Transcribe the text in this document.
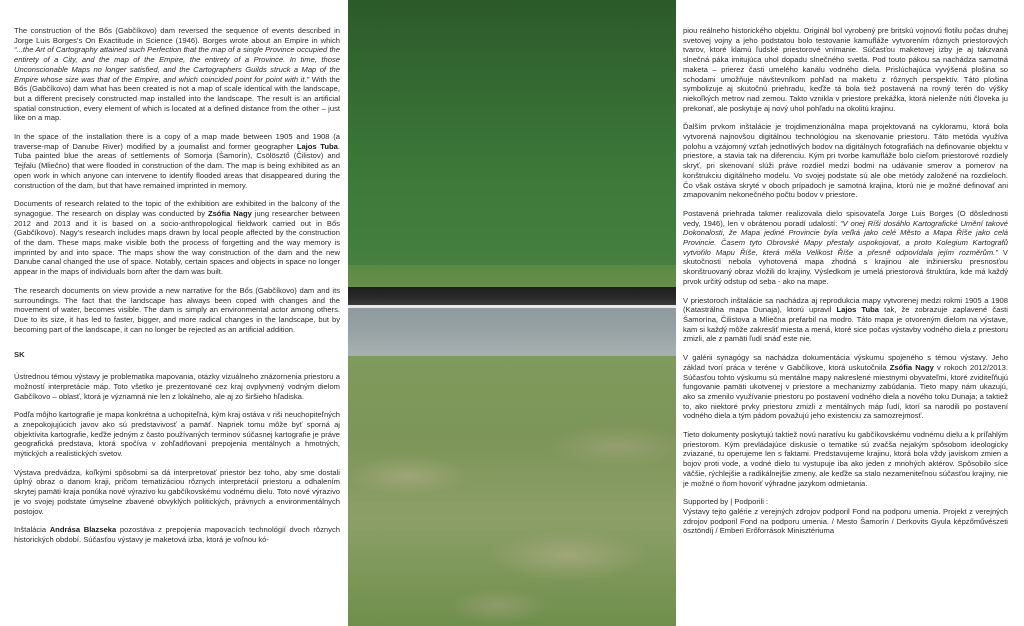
The construction of the Bős (Gabčíkovo) dam reversed the sequence of events described in Jorge Luis Borges’s On Exactitude in Science (1946). Borges wrote about an Empire in which “...the Art of Cartography attained such Perfection that the map of a single Province occupied the entirety of a City, and the map of the Empire, the entirety of a Province. In time, those Unconscionable Maps no longer satisfied, and the Cartographers Guilds struck a Map of the Empire whose size was that of the Empire, and which coincided point for point with it.” With the Bős (Gabčíkovo) dam what has been created is not a map of scale identical with the landscape, but a different precisely constructed map installed into the landscape. The result is an artificial spatial construction, every element of which is located at a defined distance from the other – just like on a map.

In the space of the installation there is a copy of a map made between 1905 and 1908 (a traverse-map of Danube River) modified by a journalist and former geographer Lajos Tuba. Tuba painted blue the areas of settlements of Somorja (Šamorín), Csölösztő (Čilistov) and Tejfalu (Mliečno) that were flooded in construction of the dam. The map is being exhibited as an open work in which anyone can intervene to identify flooded areas that disappeared during the construction of the dam, but that have remained imprinted in memory.

Documents of research related to the topic of the exhibition are exhibited in the balcony of the synagogue. The research on display was conducted by Zsófia Nagy jung researcher between 2012 and 2013 and it is based on a socio-anthropological fieldwork carried out in Bős (Gabčíkovo). Nagy’s research includes maps drawn by local people affected by the construction of the dam. These maps make visible both the process of forgetting and the way memory is imprinted by and into space. The maps show the way construction of the dam and the new Danube canal changed the use of space. Notably, certain spaces and objects in space no longer appear in the maps of individuals born after the dam was built.

The research documents on view provide a new narrative for the Bős (Gabčíkovo) dam and its surroundings. The fact that the landscape has always been coped with changes and the movement of water, becomes visible. The dam is simply an environmental actor among others. Due to its size, it has led to faster, bigger, and more radical changes in the landscape, but by becoming part of the landscape, it can no longer be rejected as an artificial addition.

SK

Ústrednou témou výstavy je problematika mapovania, otázky vizuálneho znázornenia priestoru a možností interpretácie máp. Toto všetko je prezentované cez kraj ovplyvnený vodným dielom Gabčíkovo – oblasť, ktorá je významná nie len z lokálneho, ale aj zo širšieho hľadiska.

Podľa môjho kartografie je mapa konkrétna a uchopiteľná, kým kraj ostáva v riši neuchopiteľných a znepokojujúcich javov ako sú predstavivosť a pamäť. Napriek tomu môže byť sporná aj objektívita kartografie, keďže jedným z často používaných terminov súčasnej kartografie je práve geografická predstava, ktorá spočíva v zohľadňovaní prepojenia mentálnych a hmotných, mýtických a realistických svetov.

Výstava predvádza, koľkými spôsobmi sa dá interpretovať priestor bez toho, aby sme dostali úplný obraz o danom kraji, pričom tematizáciou rôznych interpretácií priestoru a odhalením skrytej pamäti kraja ponúka nové výrazivo ku gabčíkovskému vodnému dielu. Toto nové výrazivo je vo svojej podstate úmyselne zbavené obvyklých politických, právnych a environmentálnych postojov.

Inštalácia Andrása Blazseka pozostáva z prepojenia mapovacích technológií dvoch rôznych historických období. Súčasťou výstavy je maketová izba, ktorá je voľnou kó-

piou reálneho historického objektu. Originál bol vyrobený pre britskú vojnovú flotilu počas druhej svetovej vojny a jeho podstatou bolo testovanie kamufláže vytvorením rôznych priestorových tvarov, ktoré klamú ľudské priestorové vnímanie. Súčasťou maketovej izby je aj takzvaná slnečná páka imitujúca uhol dopadu slnečného svetla. Pod touto pákou sa nachádza samotná maketa – prierez časti umelého kanálu vodného diela. Prislúchajúca vyvýšená plošina so schodami umožňuje návštevníkom pohľad na maketu z rôznych perspektív. Táto plošina symbolizuje aj skutočnú priehradu, keďže tá bola tiež postavená na rovný terén do výšky niekoľkých metrov nad zemou. Takto vznikla v priestore prekážka, ktorá nielenže núti človeka ju prekonať, ale poskytuje aj nový uhol pohľadu na okolitú krajinu.

Ďalším prvkom inštalácie je trojdimenzionálna mapa projektovaná na cykloramu, ktorá bola vytvorená najnovšou digitálnou technológiou na skenovanie priestoru. Táto metóda využíva polohu a vzájomný vzťah jednotlivých bodov na digitálnych fotografiách na definovanie objektu v priestore, a stavia tak na diferenciu. Kým pri tvorbe kamufláže bolo cieľom priestorové rozdiely skryť, pri skenovaní slúži práve rozdiel medzi bodmi na udávanie smerov a pomerov na konštrukciu digitálneho modelu. Vo svojej podstate sú ale obe metódy založené na rozdieloch. Čo však ostáva skryté v oboch prípadoch je samotná krajina, ktorú nie je možné definovať ani zmapovaním nekonečného počtu bodov v priestore.

Postavená priehrada takmer realizovala dielo spisovateľa Jorge Luis Borges (O dôslednosti vedy, 1946), len v obrátenou poradí udalostí: “V onej Ríši dosáhlo Kartografické Umění takové Dokonalosti, že Mapa jediné Provincie byla veľká jako celé Město a Mapa Říše jako celá Provincie. Časem tyto Obrovské Mapy přestaly uspokojovat, a proto Kolegium Kartografů vytvořilo Mapu Říše, která měla Velikost Říše a přesně odpovídala jejím rozměrům.” V skutočnosti nebola vyhotovená mapa zhodná s krajinou ale inžiniersku presnosťou skonštruovaný obraz vložili do krajiny. Výsledkom je umelá priestorová štruktúra, kde má každý prvok určitý odstup od seba - ako na mape.

V priestoroch inštalácie sa nachádza aj reprodukcia mapy vytvorenej medzi rokmi 1905 a 1908 (Katastrálna mapa Dunaja), ktorú upravil Lajos Tuba tak, že zobrazuje zaplavené časti Šamorína, Čilistova a Mliečna prefarbil na modro. Táto mapa je otvoreným dielom na výstave, kam si každý môže zakresliť miesta a mená, ktoré sice počas výstavby vodného diela z priestoru zmizli, ale z pamäti ľudí snáď este nie.

V galérii synagógy sa nachádza dokumentácia výskumu spojeného s témou výstavy. Jeho základ tvorí práca v teréne v Gabčíkove, ktorá uskutočnila Zsófia Nagy v rokoch 2012/2013. Súčasťou tohto výskumu sú mentálne mapy nakreslené miestnymi obyvateľmi, ktoré zviditeľňujú fungovanie pamäti ukotvenej v priestore a mechanizmy zabúdania. Tieto mapy nám ukazujú, ako sa zmenilo využívanie priestoru po postavení vodného diela a nového toku Dunaja; a taktiež to, ako niektoré prvky priestoru zmizli z mentálnych máp ľudí, ktorí sa narodili po postavení vodného diela a tým pádom považujú jeho existenciu za samozrejmosť.

Tieto dokumenty poskytujú taktiež novú naratívu ku gabčíkovskému vodnému dielu a k príľahlým priestorom. Kým prevládajúce diskusie o tematike sú zvačša nejakým spôsobom ideologicky zviazané, tu operujeme len s faktami. Predstavujeme krajinu, ktorá bola vždy javiskom zmien a bojov proti vode, a vodné dielo tu vystupuje iba ako jeden z mnohých aktérov. Spôsobilo síce väčšie, rýchlejšie a radikálnejšie zmeny, ale keďže sa stalo nezameniteľnou súčasťou krajiny, nie je možné o ňom hovoriť výhradne jazykom odmietania.

Supported by | Podporili :

Výstavy tejto galérie z verejných zdrojov podporil Fond na podporu umenia. Projekt z verejných zdrojov podporil Fond na podporu umenia. / Mesto Šamorín / Derkovits Gyula képzőművészeti ösztöndíj / Emberi Erőforrások Minisztériuma
